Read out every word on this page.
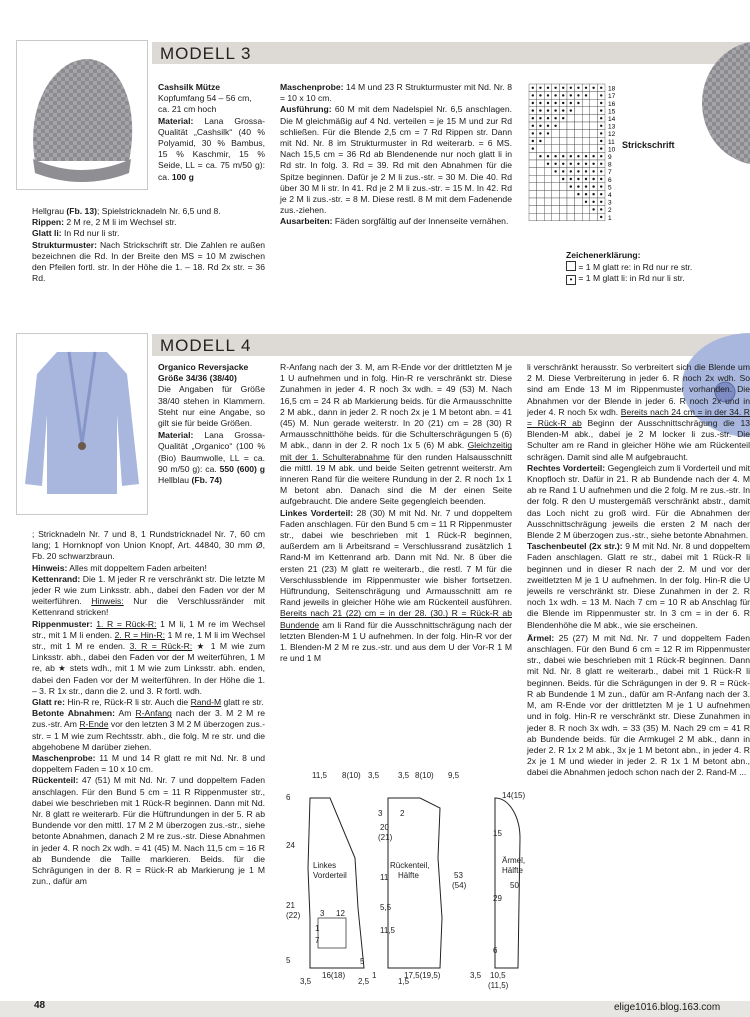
MODELL 3

Cashsilk Mütze

Kopfumfang 54 – 56 cm, ca. 21 cm hoch

Material: Lana Grossa-Qualität „Cashsilk“ (40 % Polyamid, 30 % Bambus, 15 % Kaschmir, 15 % Seide, LL = ca. 75 m/50 g): ca. 100 g

Hellgrau (Fb. 13); Spielstricknadeln Nr. 6,5 und 8.

Rippen: 2 M re, 2 M li im Wechsel str.

Glatt li: In Rd nur li str.

Strukturmuster: Nach Strickschrift str. Die Zahlen re außen bezeichnen die Rd. In der Breite den MS = 10 M zwischen den Pfeilen fortl. str. In der Höhe die 1. – 18. Rd 2x str. = 36 Rd.

Maschenprobe: 14 M und 23 R Strukturmuster mit Nd. Nr. 8 = 10 x 10 cm.

Ausführung: 60 M mit dem Nadelspiel Nr. 6,5 anschlagen. Die M gleichmäßig auf 4 Nd. verteilen = je 15 M und zur Rd schließen. Für die Blende 2,5 cm = 7 Rd Rippen str. Dann mit Nd. Nr. 8 im Strukturmuster in Rd weiterarb. = 6 MS. Nach 15,5 cm = 36 Rd ab Blendenende nur noch glatt li in Rd str. In folg. 3. Rd = 39. Rd mit den Abnahmen für die Spitze beginnen. Dafür je 2 M li zus.-str. = 30 M. Die 40. Rd über 30 M li str. In 41. Rd je 2 M li zus.-str. = 15 M. In 42. Rd je 2 M li zus.-str. = 8 M. Diese restl. 8 M mit dem Fadenende zus.-ziehen.

Ausarbeiten: Fäden sorgfältig auf der Innenseite vernähen.

18
17
16
15
14
13
12
11
10
9
8
7
6
5
4
3
2
1
Strickschrift

Zeichenerklärung:

= 1 M glatt re: in Rd nur re str.

• = 1 M glatt li: in Rd nur li str.

MODELL 4

Organico Reversjacke

Größe 34/36 (38/40)

Die Angaben für Größe 38/40 stehen in Klammern. Steht nur eine Angabe, so gilt sie für beide Größen.

Material: Lana Grossa-Qualität „Organico“ (100 % (Bio) Baumwolle, LL = ca. 90 m/50 g): ca. 550 (600) g Hellblau (Fb. 74)

; Stricknadeln Nr. 7 und 8, 1 Rundstricknadel Nr. 7, 60 cm lang; 1 Hornknopf von Union Knopf, Art. 44840, 30 mm Ø, Fb. 20 schwarzbraun.

Hinweis: Alles mit doppeltem Faden arbeiten!

Kettenrand: Die 1. M jeder R re verschränkt str. Die letzte M jeder R wie zum Linksstr. abh., dabei den Faden vor der M weiterführen. Hinweis: Nur die Verschlussränder mit Kettenrand stricken!

Rippenmuster: 1. R = Rück-R: 1 M li, 1 M re im Wechsel str., mit 1 M li enden. 2. R = Hin-R: 1 M re, 1 M li im Wechsel str., mit 1 M re enden. 3. R = Rück-R: ★ 1 M wie zum Linksstr. abh., dabei den Faden vor der M weiterführen, 1 M re, ab ★ stets wdh., mit 1 M wie zum Linksstr. abh. enden, dabei den Faden vor der M weiterführen. In der Höhe die 1. – 3. R 1x str., dann die 2. und 3. R fortl. wdh.

Glatt re: Hin-R re, Rück-R li str. Auch die Rand-M glatt re str.

Betonte Abnahmen: Am R-Anfang nach der 3. M 2 M re zus.-str. Am R-Ende vor den letzten 3 M 2 M überzogen zus.-str. = 1 M wie zum Rechtsstr. abh., die folg. M re str. und die abgehobene M darüber ziehen.

Maschenprobe: 11 M und 14 R glatt re mit Nd. Nr. 8 und doppeltem Faden = 10 x 10 cm.

Rückenteil: 47 (51) M mit Nd. Nr. 7 und doppeltem Faden anschlagen. Für den Bund 5 cm = 11 R Rippenmuster str., dabei wie beschrieben mit 1 Rück-R beginnen. Dann mit Nd. Nr. 8 glatt re weiterarb. Für die Hüftrundungen in der 5. R ab Bundende vor den mittl. 17 M 2 M überzogen zus.-str., siehe betonte Abnahmen, danach 2 M re zus.-str. Diese Abnahmen in jeder 4. R noch 2x wdh. = 41 (45) M. Nach 11,5 cm = 16 R ab Bundende die Taille markieren. Beids. für die Schrägungen in der 8. R = Rück-R ab Markierung je 1 M zun., dafür am

R-Anfang nach der 3. M, am R-Ende vor der drittletzten M je 1 U aufnehmen und in folg. Hin-R re verschränkt str. Diese Zunahmen in jeder 4. R noch 3x wdh. = 49 (53) M. Nach 16,5 cm = 24 R ab Markierung beids. für die Armausschnitte 2 M abk., dann in jeder 2. R noch 2x je 1 M betont abn. = 41 (45) M. Nun gerade weiterstr. In 20 (21) cm = 28 (30) R Armausschnitthöhe beids. für die Schulterschrägungen 5 (6) M abk., dann in der 2. R noch 1x 5 (6) M abk. Gleichzeitig mit der 1. Schulterabnahme für den runden Halsausschnitt die mittl. 19 M abk. und beide Seiten getrennt weiterstr. Am inneren Rand für die weitere Rundung in der 2. R noch 1x 1 M betont abn. Danach sind die M der einen Seite aufgebraucht. Die andere Seite gegengleich beenden.

Linkes Vorderteil: 28 (30) M mit Nd. Nr. 7 und doppeltem Faden anschlagen. Für den Bund 5 cm = 11 R Rippenmuster str., dabei wie beschrieben mit 1 Rück-R beginnen, außerdem am li Arbeitsrand = Verschlussrand zusätzlich 1 Rand-M im Kettenrand arb. Dann mit Nd. Nr. 8 über die ersten 21 (23) M glatt re weiterarb., die restl. 7 M für die Verschlussblende im Rippenmuster wie bisher fortsetzen. Hüftrundung, Seitenschrägung und Armausschnitt am re Rand jeweils in gleicher Höhe wie am Rückenteil ausführen. Bereits nach 21 (22) cm = in der 28. (30.) R = Rück-R ab Bundende am li Rand für die Ausschnittschrägung nach der letzten Blenden-M 1 U aufnehmen. In der folg. Hin-R vor der 1. Blenden-M 2 M re zus.-str. und aus dem U der Vor-R 1 M re und 1 M

li verschränkt herausstr. So verbreitert sich die Blende um 2 M. Diese Verbreiterung in jeder 6. R noch 2x wdh. So sind am Ende 13 M im Rippenmuster vorhanden. Die Abnahmen vor der Blende in jeder 6. R noch 2x und in jeder 4. R noch 5x wdh. Bereits nach 24 cm = in der 34. R = Rück-R ab Beginn der Ausschnittschrägung die 13 Blenden-M abk., dabei je 2 M locker li zus.-str. Die Schulter am re Rand in gleicher Höhe wie am Rückenteil schrägen. Damit sind alle M aufgebraucht.

Rechtes Vorderteil: Gegengleich zum li Vorderteil und mit Knopfloch str. Dafür in 21. R ab Bundende nach der 4. M ab re Rand 1 U aufnehmen und die 2 folg. M re zus.-str. In der folg. R den U mustergemäß verschränkt abstr., damit das Loch nicht zu groß wird. Für die Abnahmen der Ausschnittschrägung jeweils die ersten 2 M nach der Blende 2 M überzogen zus.-str., siehe betonte Abnahmen.

Taschenbeutel (2x str.): 9 M mit Nd. Nr. 8 und doppeltem Faden anschlagen. Glatt re str., dabei mit 1 Rück-R li beginnen und in dieser R nach der 2. M und vor der zweitletzten M je 1 U aufnehmen. In der folg. Hin-R die U jeweils re verschränkt str. Diese Zunahmen in der 2. R noch 1x wdh. = 13 M. Nach 7 cm = 10 R ab Anschlag für die Blende im Rippenmuster str. In 3 cm = in der 6. R Blendenhöhe die M abk., wie sie erscheinen.

Ärmel: 25 (27) M mit Nd. Nr. 7 und doppeltem Faden anschlagen. Für den Bund 6 cm = 12 R im Rippenmuster str., dabei wie beschrieben mit 1 Rück-R beginnen. Dann mit Nd. Nr. 8 glatt re weiterarb., dabei mit 1 Rück-R li beginnen. Beids. für die Schrägungen in der 9. R = Rück-R ab Bundende 1 M zun., dafür am R-Anfang nach der 3. M, am R-Ende vor der drittletzten M je 1 U aufnehmen und in folg. Hin-R re verschränkt str. Diese Zunahmen in jeder 8. R noch 3x wdh. = 33 (35) M. Nach 29 cm = 41 R ab Bundende beids. für die Armkugel 2 M abk., dann in jeder 2. R 1x 2 M abk., 3x je 1 M betont abn., in jeder 4. R 2x je 1 M und wieder in jeder 2. R 1x 1 M betont abn., dabei die Abnahmen jedoch schon nach der 2. Rand-M ...

Linkes
Vorderteil
Rückenteil,
Hälfte
Ärmel,
Hälfte
11,5 8(10) 3,5 3,5 8(10) 9,5
6
24
21
(22)
5
3
20
(21)
11
5,5
11,5
3 12
1
7
5
53
(54)
15
29
50
6
14(15)
3,5
16(18)
2,5
1
1,5
17,5(19,5)	3,5 10,5
(11,5)
2
48	elige1016.blog.163.com
